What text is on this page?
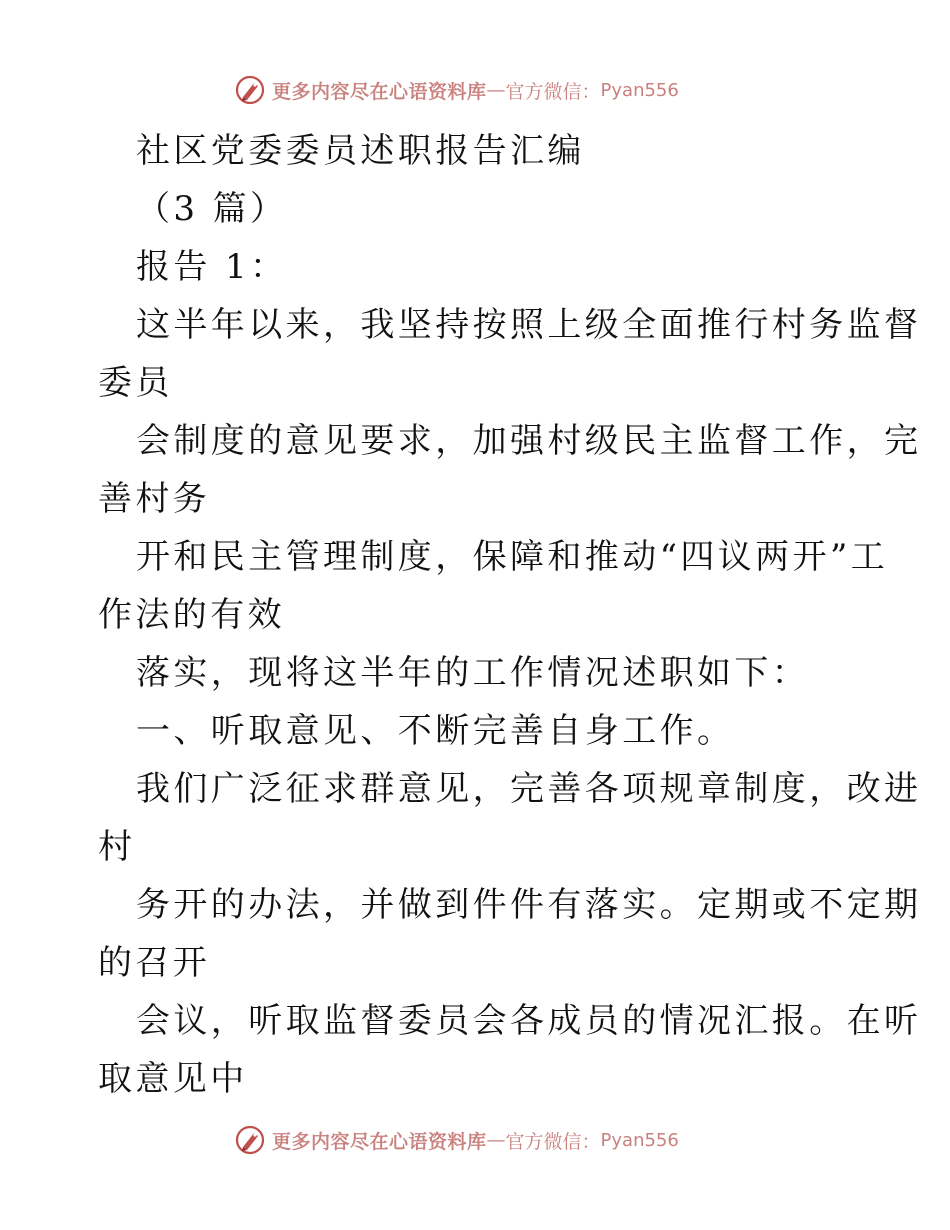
更多内容尽在心语资料库 — 官方微信： Pyan556
社区党委委员述职报告汇编
（3 篇）
报告 1：
这半年以来，我坚持按照上级全面推行村务监督
委员
会制度的意见要求，加强村级民主监督工作，完
善村务
开和民主管理制度，保障和推动“四议两开”工
作法的有效
落实，现将这半年的工作情况述职如下：
一、听取意见、不断完善自身工作。
我们广泛征求群意见，完善各项规章制度，改进
村
务开的办法，并做到件件有落实。定期或不定期
的召开
会议，听取监督委员会各成员的情况汇报。在听
取意见中
更多内容尽在心语资料库 — 官方微信： Pyan556
